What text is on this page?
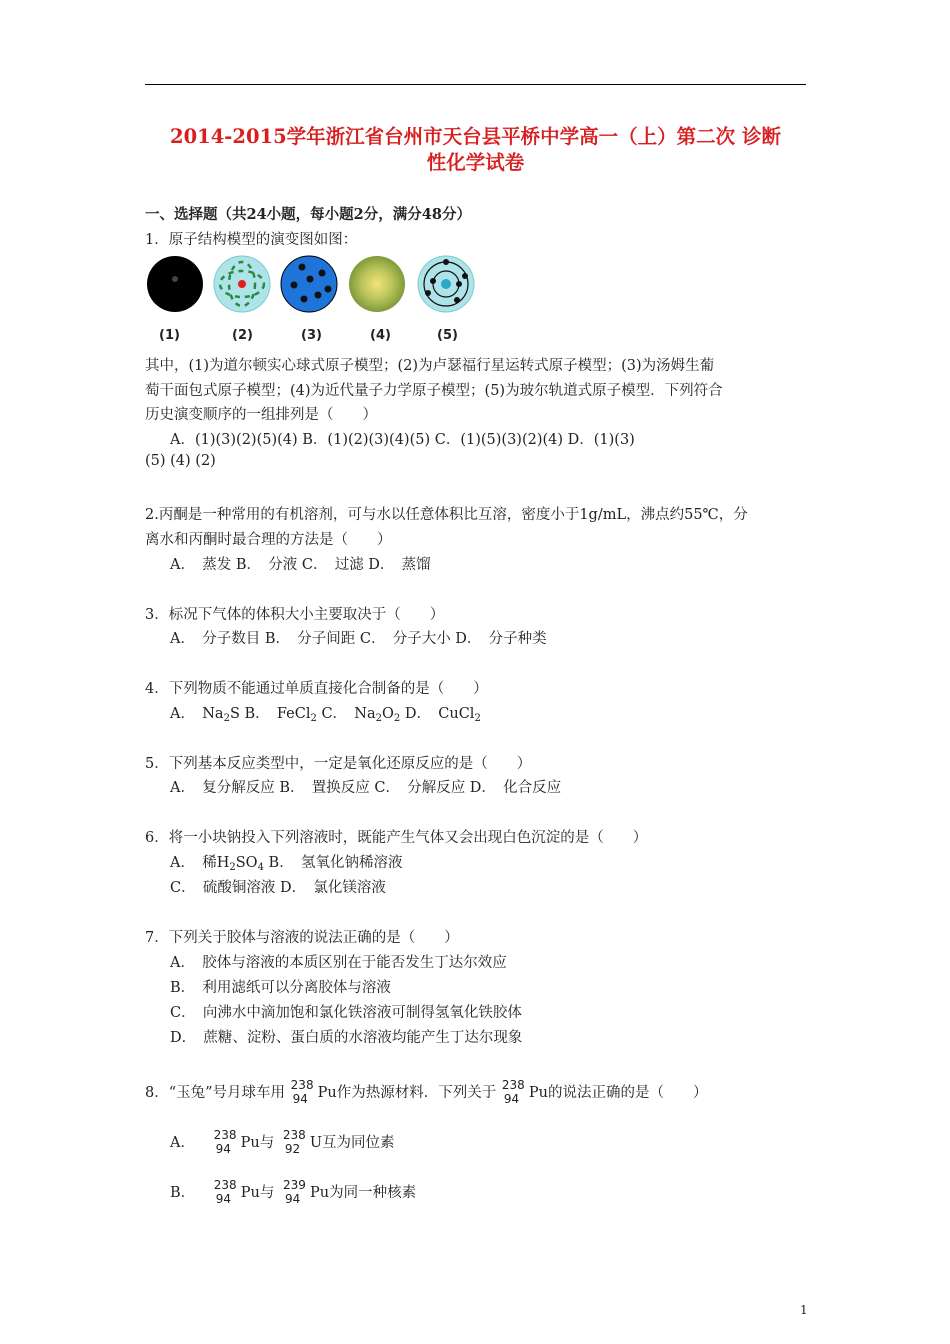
2014-2015学年浙江省台州市天台县平桥中学高一（上）第二次 诊断
性化学试卷
一、选择题（共24小题，每小题2分，满分48分）
1．原子结构模型的演变图如图：
(1)	(2)	(3)	(4)	(5)
其中，(1)为道尔顿实心球式原子模型；(2)为卢瑟福行星运转式原子模型；(3)为汤姆生葡
萄干面包式原子模型；(4)为近代量子力学原子模型；(5)为玻尔轨道式原子模型．下列符合
历史演变顺序的一组排列是（　　）
A．(1)(3)(2)(5)(4) B．(1)(2)(3)(4)(5) C．(1)(5)(3)(2)(4) D．(1)(3)
(5) (4) (2)
2.丙酮是一种常用的有机溶剂，可与水以任意体积比互溶，密度小于1g/mL，沸点约55℃，分
离水和丙酮时最合理的方法是（　　）
A．　蒸发 B．　分液 C．　过滤 D．　蒸馏
3．标况下气体的体积大小主要取决于（　　）
A．　分子数目 B．　分子间距 C．　分子大小 D．　分子种类
4．下列物质不能通过单质直接化合制备的是（　　）
A．　$Na_2S$ B．　FeCl$_2$ C．　$Na_2O_2$ D．　CuCl$_2$
5．下列基本反应类型中，一定是氧化还原反应的是（　　）
A．　复分解反应 B．　置换反应 C．　分解反应 D．　化合反应
6．将一小块钠投入下列溶液时，既能产生气体又会出现白色沉淀的是（　　）
A．　稀$H_2SO_4$ B．　氢氧化钠稀溶液
C．　硫酸铜溶液 D．　氯化镁溶液
7．下列关于胶体与溶液的说法正确的是（　　）
A．　胶体与溶液的本质区别在于能否发生丁达尔效应
B．　利用滤纸可以分离胶体与溶液
C．　向沸水中滴加饱和氯化铁溶液可制得氢氧化铁胶体
D．　蔗糖、淀粉、蛋白质的水溶液均能产生丁达尔现象
8．“玉兔”号月球车用 238
94 Pu作为热源材料．下列关于 238
94 Pu的说法正确的是（　　）
A． 238
94 Pu与 238
92 U互为同位素
B． 238
94 Pu与 239
94 Pu为同一种核素
1
